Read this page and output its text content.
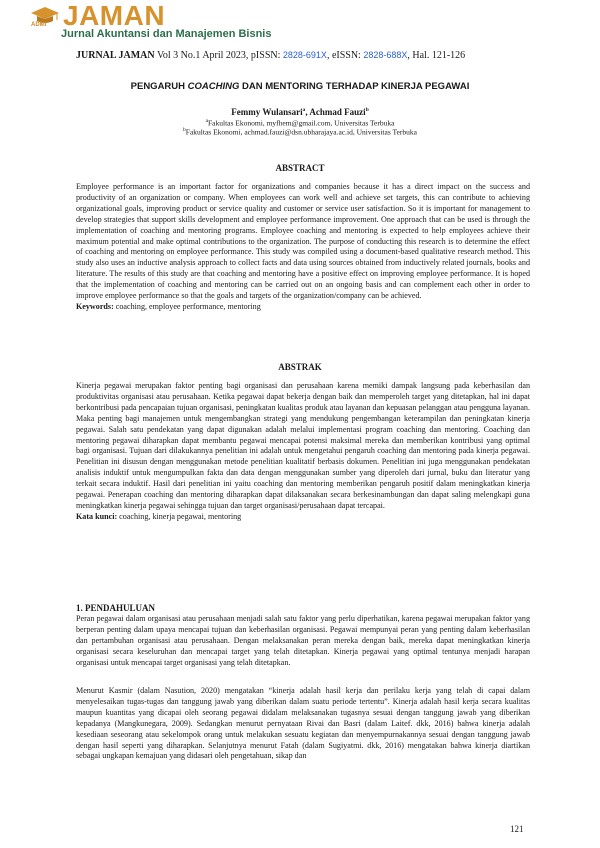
ADMI JAMAN
Jurnal Akuntansi dan Manajemen Bisnis
JURNAL JAMAN Vol 3 No.1 April 2023, pISSN: 2828-691X, eISSN: 2828-688X, Hal. 121-126
PENGARUH COACHING DAN MENTORING TERHADAP KINERJA PEGAWAI
Femmy Wulansari$^a$, Achmad Fauzi$^b$
$^a$Fakultas Ekonomi, myfhem@gmail.com, Universitas Terbuka
$^b$Fakultas Ekonomi, achmad.fauzi@dsn.ubharajaya.ac.id, Universitas Terbuka
ABSTRACT
Employee performance is an important factor for organizations and companies because it has a direct impact on the success and productivity of an organization or company. When employees can work well and achieve set targets, this can contribute to achieving organizational goals, improving product or service quality and customer or service user satisfaction. So it is important for management to develop strategies that support skills development and employee performance improvement. One approach that can be used is through the implementation of coaching and mentoring programs. Employee coaching and mentoring is expected to help employees achieve their maximum potential and make optimal contributions to the organization. The purpose of conducting this research is to determine the effect of coaching and mentoring on employee performance. This study was compiled using a document-based qualitative research method. This study also uses an inductive analysis approach to collect facts and data using sources obtained from inductively related journals, books and literature. The results of this study are that coaching and mentoring have a positive effect on improving employee performance. It is hoped that the implementation of coaching and mentoring can be carried out on an ongoing basis and can complement each other in order to improve employee performance so that the goals and targets of the organization/company can be achieved.
Keywords: coaching, employee performance, mentoring
ABSTRAK
Kinerja pegawai merupakan faktor penting bagi organisasi dan perusahaan karena memiki dampak langsung pada keberhasilan dan produktivitas organisasi atau perusahaan. Ketika pegawai dapat bekerja dengan baik dan memperoleh target yang ditetapkan, hal ini dapat berkontribusi pada pencapaian tujuan organisasi, peningkatan kualitas produk atau layanan dan kepuasan pelanggan atau pengguna layanan. Maka penting bagi manajemen untuk mengembangkan strategi yang mendukung pengembangan keterampilan dan peningkatan kinerja pegawai. Salah satu pendekatan yang dapat digunakan adalah melalui implementasi program coaching dan mentoring. Coaching dan mentoring pegawai diharapkan dapat membantu pegawai mencapai potensi maksimal mereka dan memberikan kontribusi yang optimal bagi organisasi. Tujuan dari dilakukannya penelitian ini adalah untuk mengetahui pengaruh coaching dan mentoring pada kinerja pegawai. Penelitian ini disusun dengan menggunakan metode penelitian kualitatif berbasis dokumen. Penelitian ini juga menggunakan pendekatan analisis induktif untuk mengumpulkan fakta dan data dengan menggunakan sumber yang diperoleh dari jurnal, buku dan literatur yang terkait secara induktif. Hasil dari penelitian ini yaitu coaching dan mentoring memberikan pengaruh positif dalam meningkatkan kinerja pegawai. Penerapan coaching dan mentoring diharapkan dapat dilaksanakan secara berkesinambungan dan dapat saling melengkapi guna meningkatkan kinerja pegawai sehingga tujuan dan target organisasi/perusahaan dapat tercapai.
Kata kunci: coaching, kinerja pegawai, mentoring
1. PENDAHULUAN
Peran pegawai dalam organisasi atau perusahaan menjadi salah satu faktor yang perlu diperhatikan, karena pegawai merupakan faktor yang berperan penting dalam upaya mencapai tujuan dan keberhasilan organisasi. Pegawai mempunyai peran yang penting dalam keberhasilan dan pertambuhan organisasi atau perusahaan. Dengan melaksanakan peran mereka dengan baik, mereka dapat meningkatkan kinerja organisasi secara keseluruhan dan mencapai target yang telah ditetapkan. Kinerja pegawai yang optimal tentunya menjadi harapan organisasi untuk mencapai target organisasi yang telah ditetapkan.
Menurut Kasmir (dalam Nasution, 2020) mengatakan “kinerja adalah hasil kerja dan perilaku kerja yang telah di capai dalam menyelesaikan tugas-tugas dan tanggung jawab yang diberikan dalam suatu periode tertentu”. Kinerja adalah hasil kerja secara kualitas maupun kuantitas yang dicapai oleh seorang pegawai didalam melaksanakan tugasnya sesuai dengan tanggung jawab yang diberikan kepadanya (Mangkunegara, 2009). Sedangkan menurut pernyataan Rivai dan Basri (dalam Laitef. dkk, 2016) bahwa kinerja adalah kesediaan seseorang atau sekelompok orang untuk melakukan sesuatu kegiatan dan menyempurnakannya sesuai dengan tanggung jawab dengan hasil seperti yang diharapkan. Selanjutnya menurut Fatah (dalam Sugiyatmi. dkk, 2016) mengatakan bahwa kinerja diartikan sebagai ungkapan kemajuan yang didasari oleh pengetahuan, sikap dan
121
